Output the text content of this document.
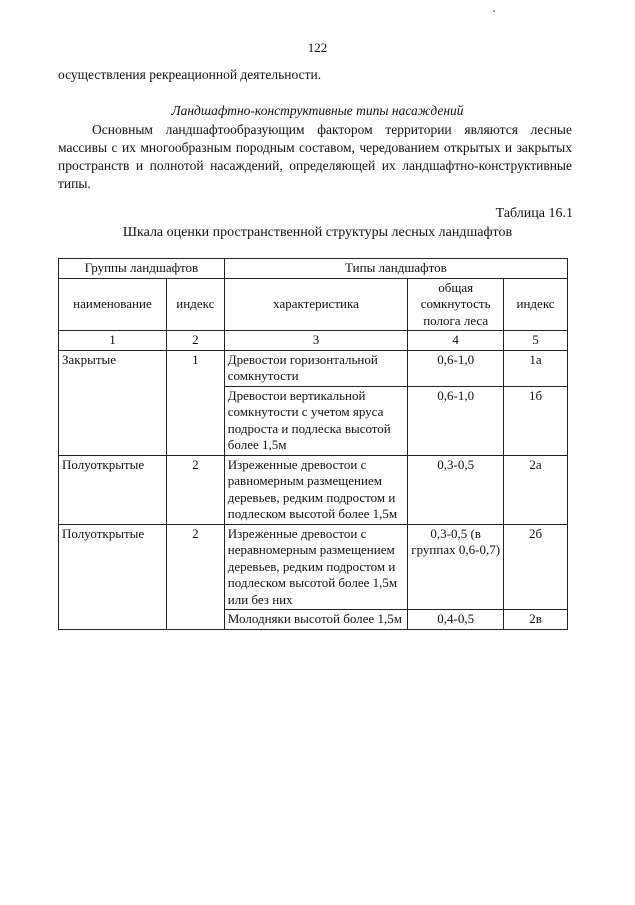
122
осуществления рекреационной деятельности.
Ландшафтно-конструктивные типы насаждений
Основным ландшафтообразующим фактором территории являются лесные массивы с их многообразным породным составом, чередованием открытых и закрытых пространств и полнотой насаждений, определяющей их ландшафтно-конструктивные типы.
Таблица 16.1
Шкала оценки пространственной структуры лесных ландшафтов
Группы ландшафтов		Типы ландшафтов		
наименование	индекс	характеристика	общая сомкнутость полога леса	индекс
1	2	3	4	5
Закрытые	1	Древостои горизонтальной сомкнутости	0,6-1,0	1а
		Древостои вертикальной сомкнутости с учетом яруса подроста и подлеска высотой более 1,5м	0,6-1,0	1б
Полуоткрытые	2	Изреженные древостои с равномерным размещением деревьев, редким подростом и подлеском высотой более 1,5м	0,3-0,5	2а
Полуоткрытые	2	Изреженные древостои с неравномерным размещением деревьев, редким подростом и подлеском высотой более 1,5м или без них	0,3-0,5 (в группах 0,6-0,7)	2б
		Молодняки высотой более 1,5м	0,4-0,5	2в
